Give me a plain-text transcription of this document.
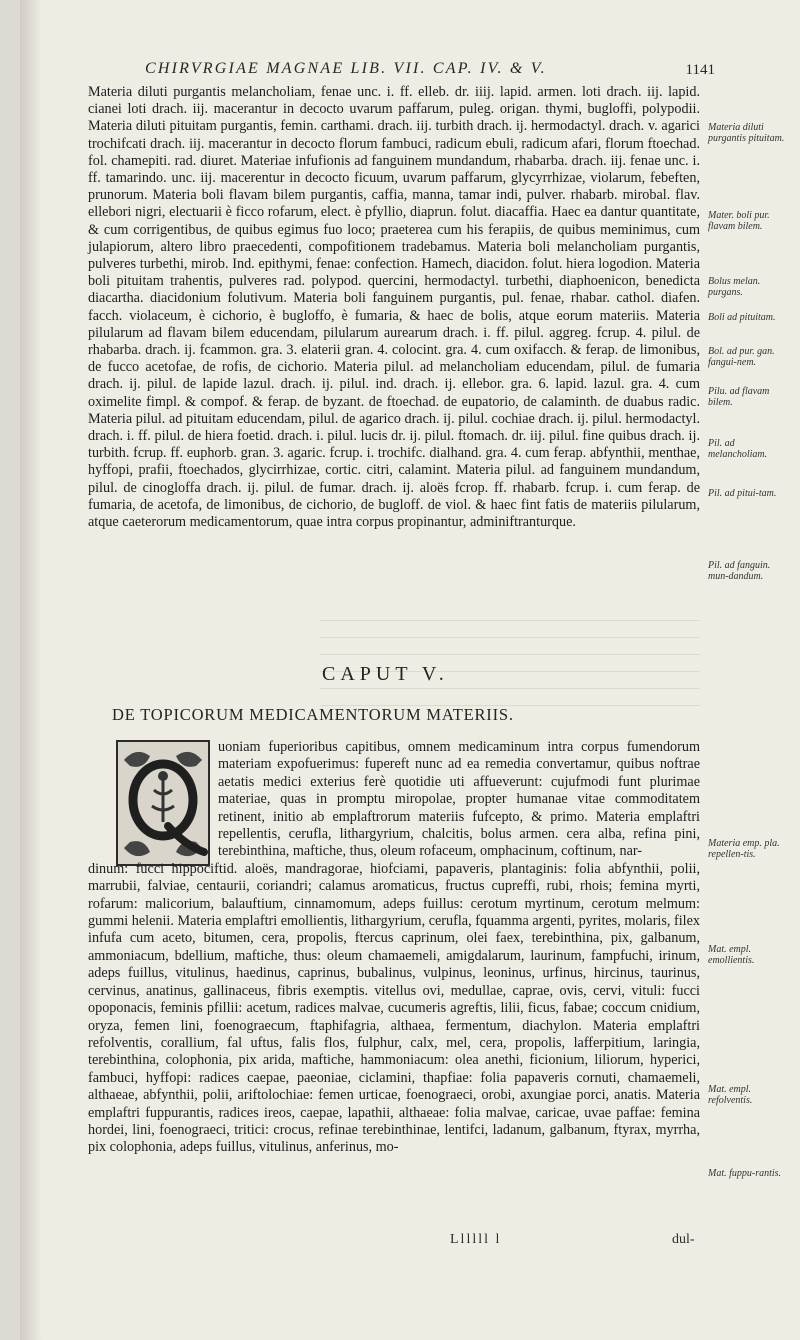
CHIRVRGIAE MAGNAE LIB. VII. CAP. IV. & V.	1141

Materia diluti purgantis melancholiam, fenae unc. i. ff. elleb. dr. iiij. lapid. armen. loti drach. iij. lapid. cianei loti drach. iij. macerantur in decocto uvarum paffarum, puleg. origan. thymi, bugloffi, polypodii. Materia diluti pituitam purgantis, femin. carthami. drach. iij. turbith drach. ij. hermodactyl. drach. v. agarici trochifcati drach. iij. macerantur in decocto florum fambuci, radicum ebuli, radicum afari, florum ftoechad. fol. chamepiti. rad. diuret. Materiae infufionis ad fanguinem mundandum, rhabarba. drach. iij. fenae unc. i. ff. tamarindo. unc. iij. macerentur in decocto ficuum, uvarum paffarum, glycyrrhizae, violarum, febeften, prunorum. Materia boli flavam bilem purgantis, caffia, manna, tamar indi, pulver. rhabarb. mirobal. flav. ellebori nigri, electuarii è ficco rofarum, elect. è pfyllio, diaprun. folut. diacaffia. Haec ea dantur quantitate, & cum corrigentibus, de quibus egimus fuo loco; praeterea cum his ferapiis, de quibus meminimus, cum julapiorum, altero libro praecedenti, compofitionem tradebamus. Materia boli melancholiam purgantis, pulveres turbethi, mirob. Ind. epithymi, fenae: confection. Hamech, diacidon. folut. hiera logodion. Materia boli pituitam trahentis, pulveres rad. polypod. quercini, hermodactyl. turbethi, diaphoenicon, benedicta diacartha. diacidonium folutivum. Materia boli fanguinem purgantis, pul. fenae, rhabar. cathol. diafen. facch. violaceum, è cichorio, è bugloffo, è fumaria, & haec de bolis, atque eorum materiis. Materia pilularum ad flavam bilem educendam, pilularum aurearum drach. i. ff. pilul. aggreg. fcrup. 4. pilul. de rhabarba. drach. ij. fcammon. gra. 3. elaterii gran. 4. colocint. gra. 4. cum oxifacch. & ferap. de limonibus, de fucco acetofae, de rofis, de cichorio. Materia pilul. ad melancholiam educendam, pilul. de fumaria drach. ij. pilul. de lapide lazul. drach. ij. pilul. ind. drach. ij. ellebor. gra. 6. lapid. lazul. gra. 4. cum oximelite fimpl. & compof. & ferap. de byzant. de ftoechad. de eupatorio, de calaminth. de duabus radic. Materia pilul. ad pituitam educendam, pilul. de agarico drach. ij. pilul. cochiae drach. ij. pilul. hermodactyl. drach. i. ff. pilul. de hiera foetid. drach. i. pilul. lucis dr. ij. pilul. ftomach. dr. iij. pilul. fine quibus drach. ij. turbith. fcrup. ff. euphorb. gran. 3. agaric. fcrup. i. trochifc. dialhand. gra. 4. cum ferap. abfynthii, menthae, hyffopi, prafii, ftoechados, glycirrhizae, cortic. citri, calamint. Materia pilul. ad fanguinem mundandum, pilul. de cinogloffa drach. ij. pilul. de fumar. drach. ij. aloës fcrop. ff. rhabarb. fcrup. i. cum ferap. de fumaria, de acetofa, de limonibus, de cichorio, de bugloff. de viol. & haec fint fatis de materiis pilularum, atque caeterorum medicamentorum, quae intra corpus propinantur, adminiftranturque.

CAPUT V.
DE TOPICORUM MEDICAMENTORUM MATERIIS.

uoniam fuperioribus capitibus, omnem medicaminum intra corpus fumendorum materiam expofuerimus: fupereft nunc ad ea remedia convertamur, quibus noftrae aetatis medici exterius ferè quotidie uti affueverunt: cujufmodi funt plurimae materiae, quas in promptu miropolae, propter humanae vitae commoditatem retinent, initio ab emplaftrorum materiis fufcepto, & primo. Materia emplaftri repellentis, cerufla, lithargyrium, chalcitis, bolus armen. cera alba, refina pini, terebinthina, maftiche, thus, oleum rofaceum, omphacinum, coftinum, nar-

dinum: fucci hippociftid. aloës, mandragorae, hiofciami, papaveris, plantaginis: folia abfynthii, polii, marrubii, falviae, centaurii, coriandri; calamus aromaticus, fructus cupreffi, rubi, rhois; femina myrti, rofarum: malicorium, balauftium, cinnamomum, adeps fuillus: cerotum myrtinum, cerotum melmum: gummi helenii. Materia emplaftri emollientis, lithargyrium, cerufla, fquamma argenti, pyrites, molaris, filex infufa cum aceto, bitumen, cera, propolis, ftercus caprinum, olei faex, terebinthina, pix, galbanum, ammoniacum, bdellium, maftiche, thus: oleum chamaemeli, amigdalarum, laurinum, fampfuchi, irinum, adeps fuillus, vitulinus, haedinus, caprinus, bubalinus, vulpinus, leoninus, urfinus, hircinus, taurinus, cervinus, anatinus, gallinaceus, fibris exemptis. vitellus ovi, medullae, caprae, ovis, cervi, vituli: fucci opoponacis, feminis pfillii: acetum, radices malvae, cucumeris agreftis, lilii, ficus, fabae; coccum cnidium, oryza, femen lini, foenograecum, ftaphifagria, althaea, fermentum, diachylon. Materia emplaftri refolventis, corallium, fal uftus, falis flos, fulphur, calx, mel, cera, propolis, lafferpitium, laringia, terebinthina, colophonia, pix arida, maftiche, hammoniacum: olea anethi, ficionium, liliorum, hyperici, fambuci, hyffopi: radices caepae, paeoniae, ciclamini, thapfiae: folia papaveris cornuti, chamaemeli, althaeae, abfynthii, polii, ariftolochiae: femen urticae, foenograeci, orobi, axungiae porci, anatis. Materia emplaftri fuppurantis, radices ireos, caepae, lapathii, althaeae: folia malvae, caricae, uvae paffae: femina hordei, lini, foenograeci, tritici: crocus, refinae terebinthinae, lentifci, ladanum, galbanum, ftyrax, myrrha, pix colophonia, adeps fuillus, vitulinus, anferinus, mo-

Materia diluti purgantis pituitam.
Mater. boli pur. flavam bilem.
Bolus melan. purgans.
Boli ad pituitam.
Bol. ad pur. gan. fangui-nem.
Pilu. ad flavam bilem.
Pil. ad melancholiam.
Pil. ad pitui-tam.
Pil. ad fanguin. mun-dandum.
Materia emp. pla. repellen-tis.
Mat. empl. emollientis.
Mat. empl. refolventis.
Mat. fuppu-rantis.
Llllll l	dul-
